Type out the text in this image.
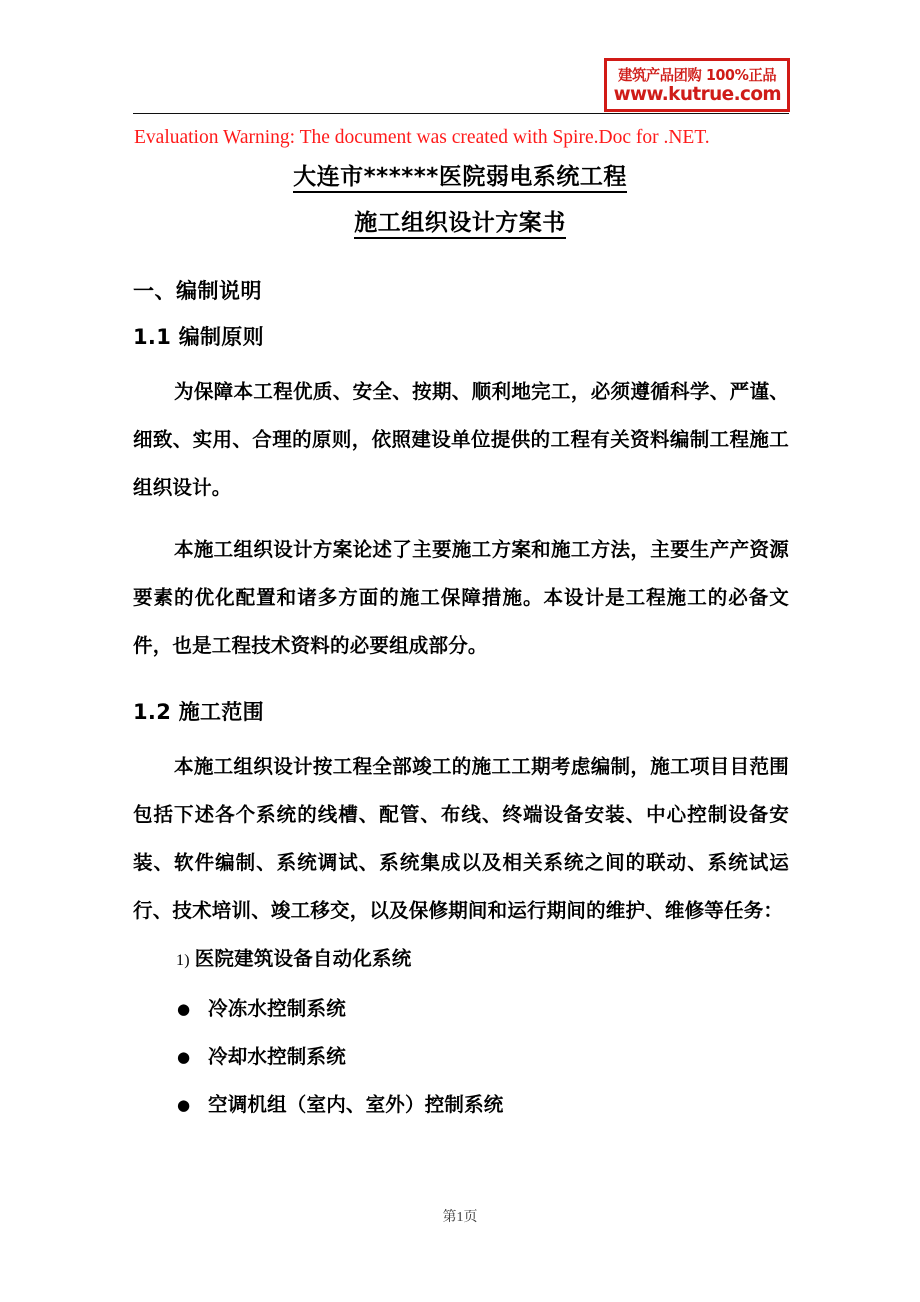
建筑产品团购 100%正品
www.kutrue.com
Evaluation Warning: The document was created with Spire.Doc for .NET.
大连市******医院弱电系统工程
施工组织设计方案书
一、编制说明
1.1 编制原则

为保障本工程优质、安全、按期、顺利地完工，必须遵循科学、严谨、细致、实用、合理的原则，依照建设单位提供的工程有关资料编制工程施工组织设计。

本施工组织设计方案论述了主要施工方案和施工方法，主要生产产资源要素的优化配置和诸多方面的施工保障措施。本设计是工程施工的必备文件，也是工程技术资料的必要组成部分。

1.2 施工范围

本施工组织设计按工程全部竣工的施工工期考虑编制，施工项目目范围包括下述各个系统的线槽、配管、布线、终端设备安装、中心控制设备安装、软件编制、系统调试、系统集成以及相关系统之间的联动、系统试运行、技术培训、竣工移交，以及保修期间和运行期间的维护、维修等任务：

1) 医院建筑设备自动化系统
● 冷冻水控制系统
● 冷却水控制系统
● 空调机组（室内、室外）控制系统
第1页
